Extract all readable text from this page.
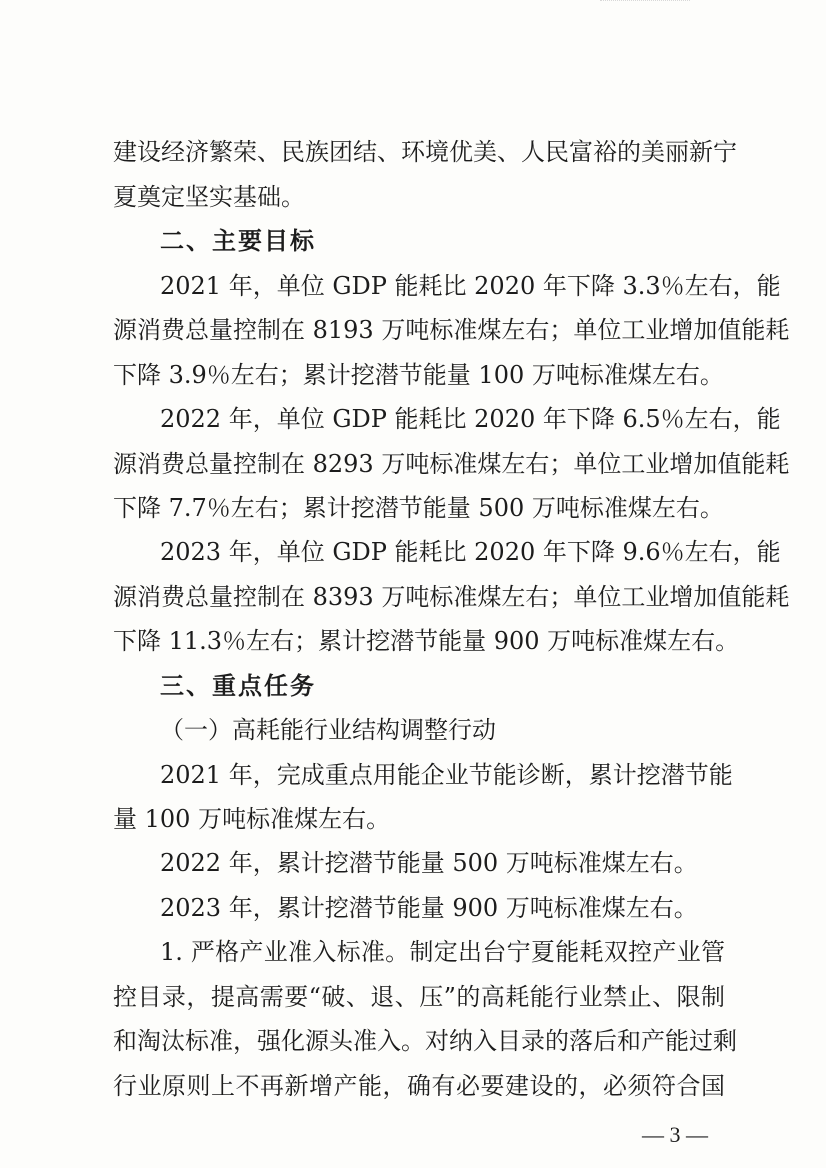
建设经济繁荣、民族团结、环境优美、人民富裕的美丽新宁
夏奠定坚实基础。
二、主要目标
2021 年，单位 GDP 能耗比 2020 年下降 3.3％左右，能
源消费总量控制在 8193 万吨标准煤左右；单位工业增加值能耗
下降 3.9％左右；累计挖潜节能量 100 万吨标准煤左右。
2022 年，单位 GDP 能耗比 2020 年下降 6.5％左右，能
源消费总量控制在 8293 万吨标准煤左右；单位工业增加值能耗
下降 7.7％左右；累计挖潜节能量 500 万吨标准煤左右。
2023 年，单位 GDP 能耗比 2020 年下降 9.6％左右，能
源消费总量控制在 8393 万吨标准煤左右；单位工业增加值能耗
下降 11.3％左右；累计挖潜节能量 900 万吨标准煤左右。
三、重点任务
（一）高耗能行业结构调整行动
2021 年，完成重点用能企业节能诊断，累计挖潜节能
量 100 万吨标准煤左右。
2022 年，累计挖潜节能量 500 万吨标准煤左右。
2023 年，累计挖潜节能量 900 万吨标准煤左右。
1. 严格产业准入标准。制定出台宁夏能耗双控产业管
控目录，提高需要“破、退、压”的高耗能行业禁止、限制
和淘汰标准，强化源头准入。对纳入目录的落后和产能过剩
行业原则上不再新增产能，确有必要建设的，必须符合国
— 3 —
